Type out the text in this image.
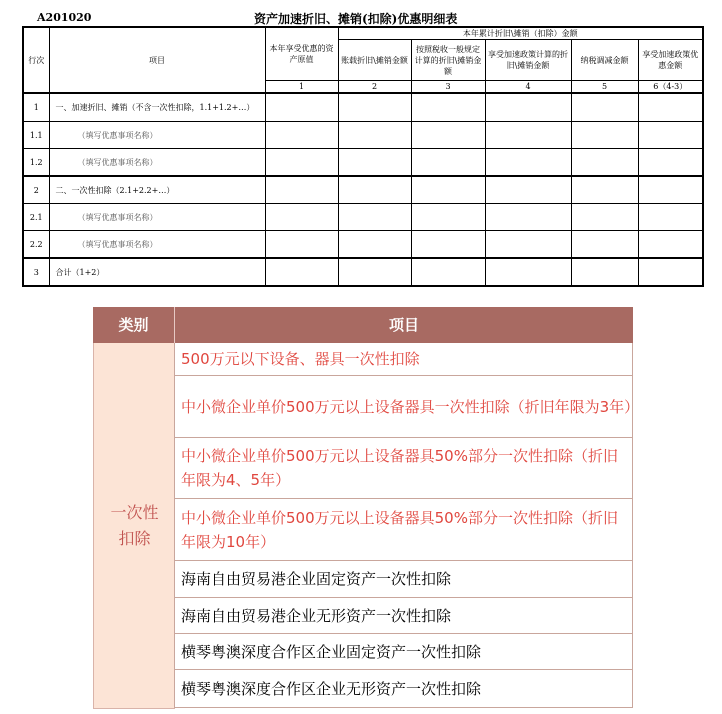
A201020	资产加速折旧、摊销(扣除)优惠明细表
行次	项目	本年享受优惠的资产原值	本年累计折旧\摊销（扣除）金额				
			账载折旧\摊销金额	按照税收一般规定计算的折旧\摊销金额	享受加速政策计算的折旧\摊销金额	纳税调减金额	享受加速政策优惠金额
		1	2	3	4	5	6（4-3）
1	一、加速折旧、摊销（不含一次性扣除，1.1+1.2+…）						
1.1	（填写优惠事项名称）						
1.2	（填写优惠事项名称）						
2	二、一次性扣除（2.1+2.2+…）						
2.1	（填写优惠事项名称）						
2.2	（填写优惠事项名称）						
3	合计（1+2）						
类别	项目
一次性扣除
500万元以下设备、器具一次性扣除
中小微企业单价500万元以上设备器具一次性扣除（折旧年限为3年）
中小微企业单价500万元以上设备器具50%部分一次性扣除（折旧年限为4、5年）
中小微企业单价500万元以上设备器具50%部分一次性扣除（折旧年限为10年）
海南自由贸易港企业固定资产一次性扣除
海南自由贸易港企业无形资产一次性扣除
横琴粤澳深度合作区企业固定资产一次性扣除
横琴粤澳深度合作区企业无形资产一次性扣除
